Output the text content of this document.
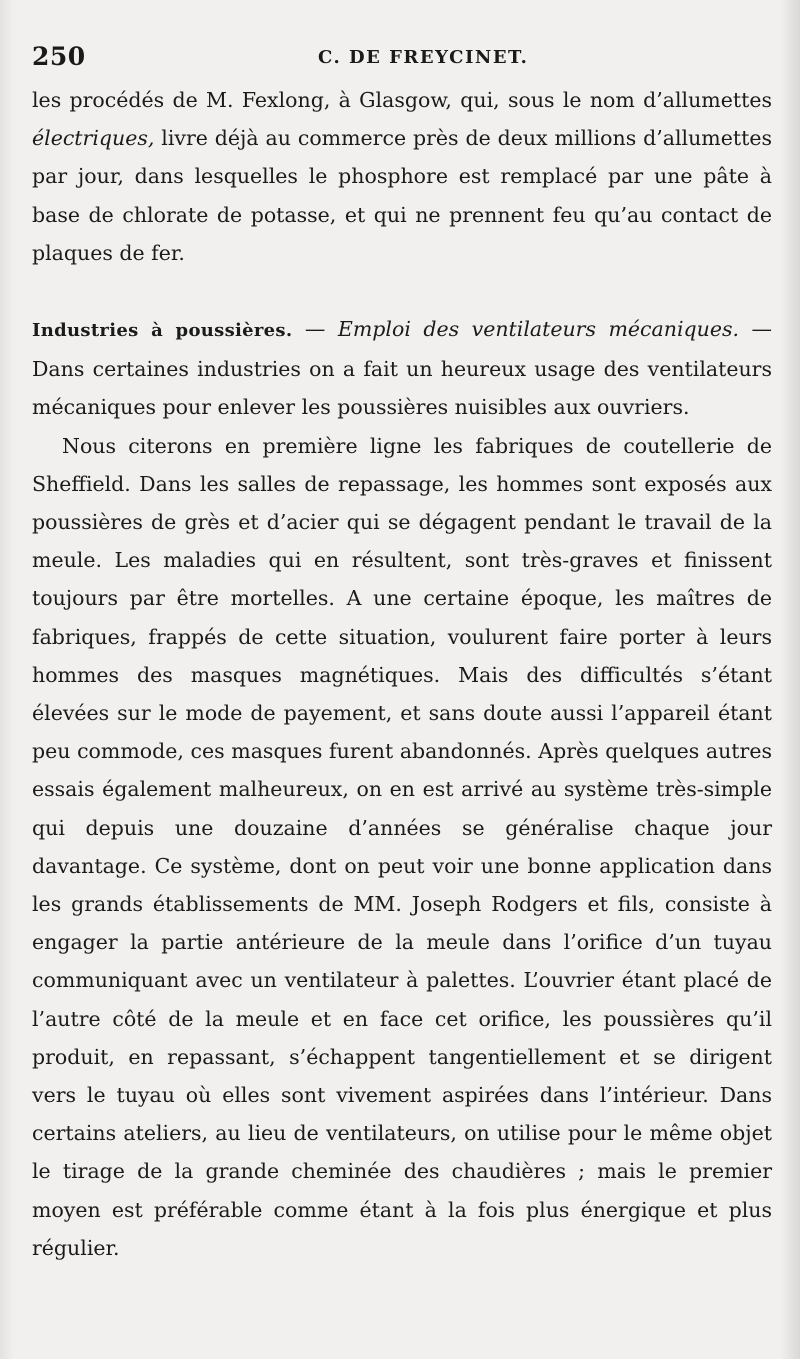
250	C. DE FREYCINET.

les procédés de M. Fexlong, à Glasgow, qui, sous le nom d’allumettes électriques, livre déjà au commerce près de deux millions d’allumettes par jour, dans lesquelles le phosphore est remplacé par une pâte à base de chlorate de potasse, et qui ne prennent feu qu’au contact de plaques de fer.

Industries à poussières. — Emploi des ventilateurs mécaniques. — Dans certaines industries on a fait un heureux usage des ventilateurs mécaniques pour enlever les poussières nuisibles aux ouvriers.

Nous citerons en première ligne les fabriques de coutellerie de Sheffield. Dans les salles de repassage, les hommes sont exposés aux poussières de grès et d’acier qui se dégagent pendant le travail de la meule. Les maladies qui en résultent, sont très-graves et finissent toujours par être mortelles. A une certaine époque, les maîtres de fabriques, frappés de cette situation, voulurent faire porter à leurs hommes des masques magnétiques. Mais des difficultés s’étant élevées sur le mode de payement, et sans doute aussi l’appareil étant peu commode, ces masques furent abandonnés. Après quelques autres essais également malheureux, on en est arrivé au système très-simple qui depuis une douzaine d’années se généralise chaque jour davantage. Ce système, dont on peut voir une bonne application dans les grands établissements de MM. Joseph Rodgers et fils, consiste à engager la partie antérieure de la meule dans l’orifice d’un tuyau communiquant avec un ventilateur à palettes. L’ouvrier étant placé de l’autre côté de la meule et en face cet orifice, les poussières qu’il produit, en repassant, s’échappent tangentiellement et se dirigent vers le tuyau où elles sont vivement aspirées dans l’intérieur. Dans certains ateliers, au lieu de ventilateurs, on utilise pour le même objet le tirage de la grande cheminée des chaudières ; mais le premier moyen est préférable comme étant à la fois plus énergique et plus régulier.
